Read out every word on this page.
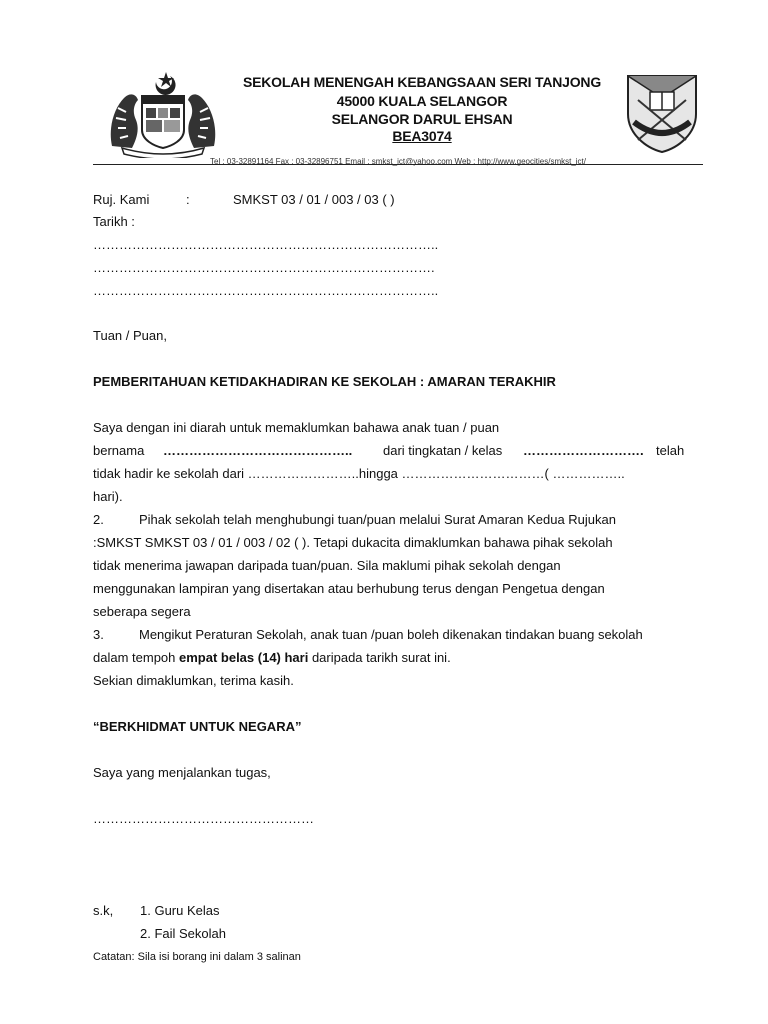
SEKOLAH MENENGAH KEBANGSAAN SERI TANJONG
45000 KUALA SELANGOR
SELANGOR DARUL EHSAN
BEA3074
Tel : 03-32891164 Fax : 03-32896751 Email : smkst_ict@yahoo.com Web : http://www.geocities/smkst_ict/
Ruj. Kami	:	SMKST 03 / 01 / 003 / 03 ( )
Tarikh :
……………………………………………………………………..
…………………………………………………………………….
……………………………………………………………………..
Tuan / Puan,
PEMBERITAHUAN KETIDAKHADIRAN KE SEKOLAH : AMARAN TERAKHIR
Saya dengan ini diarah untuk memaklumkan bahawa anak tuan / puan
bernama …………………………………….. dari tingkatan / kelas ………………………. telah
tidak hadir ke sekolah dari ……………………..hingga ……………………………( ……………..
hari).
2.	Pihak sekolah telah menghubungi tuan/puan melalui Surat Amaran Kedua Rujukan
:SMKST SMKST 03 / 01 / 003 / 02 ( ). Tetapi dukacita dimaklumkan bahawa pihak sekolah
tidak menerima jawapan daripada tuan/puan. Sila maklumi pihak sekolah dengan
menggunakan lampiran yang disertakan atau berhubung terus dengan Pengetua dengan
seberapa segera
3.	Mengikut Peraturan Sekolah, anak tuan /puan boleh dikenakan tindakan buang sekolah
dalam tempoh empat belas (14) hari daripada tarikh surat ini.
Sekian dimaklumkan, terima kasih.
“BERKHIDMAT UNTUK NEGARA”
Saya yang menjalankan tugas,
……………………………………………
s.k, 1. Guru Kelas
2. Fail Sekolah
Catatan: Sila isi borang ini dalam 3 salinan
